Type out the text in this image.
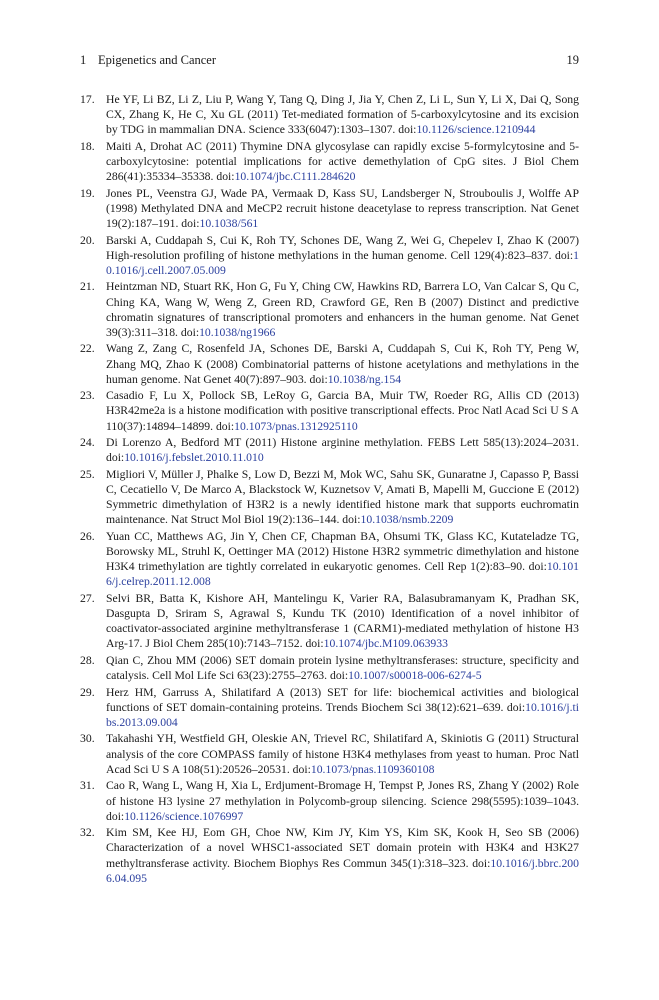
1 Epigenetics and Cancer	19
17. He YF, Li BZ, Li Z, Liu P, Wang Y, Tang Q, Ding J, Jia Y, Chen Z, Li L, Sun Y, Li X, Dai Q, Song CX, Zhang K, He C, Xu GL (2011) Tet-mediated formation of 5-carboxylcytosine and its excision by TDG in mammalian DNA. Science 333(6047):1303–1307. doi:10.1126/science.1210944
18. Maiti A, Drohat AC (2011) Thymine DNA glycosylase can rapidly excise 5-formylcytosine and 5-carboxylcytosine: potential implications for active demethylation of CpG sites. J Biol Chem 286(41):35334–35338. doi:10.1074/jbc.C111.284620
19. Jones PL, Veenstra GJ, Wade PA, Vermaak D, Kass SU, Landsberger N, Strouboulis J, Wolffe AP (1998) Methylated DNA and MeCP2 recruit histone deacetylase to repress transcription. Nat Genet 19(2):187–191. doi:10.1038/561
20. Barski A, Cuddapah S, Cui K, Roh TY, Schones DE, Wang Z, Wei G, Chepelev I, Zhao K (2007) High-resolution profiling of histone methylations in the human genome. Cell 129(4):823–837. doi:10.1016/j.cell.2007.05.009
21. Heintzman ND, Stuart RK, Hon G, Fu Y, Ching CW, Hawkins RD, Barrera LO, Van Calcar S, Qu C, Ching KA, Wang W, Weng Z, Green RD, Crawford GE, Ren B (2007) Distinct and predictive chromatin signatures of transcriptional promoters and enhancers in the human genome. Nat Genet 39(3):311–318. doi:10.1038/ng1966
22. Wang Z, Zang C, Rosenfeld JA, Schones DE, Barski A, Cuddapah S, Cui K, Roh TY, Peng W, Zhang MQ, Zhao K (2008) Combinatorial patterns of histone acetylations and methylations in the human genome. Nat Genet 40(7):897–903. doi:10.1038/ng.154
23. Casadio F, Lu X, Pollock SB, LeRoy G, Garcia BA, Muir TW, Roeder RG, Allis CD (2013) H3R42me2a is a histone modification with positive transcriptional effects. Proc Natl Acad Sci U S A 110(37):14894–14899. doi:10.1073/pnas.1312925110
24. Di Lorenzo A, Bedford MT (2011) Histone arginine methylation. FEBS Lett 585(13):2024–2031. doi:10.1016/j.febslet.2010.11.010
25. Migliori V, Müller J, Phalke S, Low D, Bezzi M, Mok WC, Sahu SK, Gunaratne J, Capasso P, Bassi C, Cecatiello V, De Marco A, Blackstock W, Kuznetsov V, Amati B, Mapelli M, Guccione E (2012) Symmetric dimethylation of H3R2 is a newly identified histone mark that supports euchromatin maintenance. Nat Struct Mol Biol 19(2):136–144. doi:10.1038/nsmb.2209
26. Yuan CC, Matthews AG, Jin Y, Chen CF, Chapman BA, Ohsumi TK, Glass KC, Kutateladze TG, Borowsky ML, Struhl K, Oettinger MA (2012) Histone H3R2 symmetric dimethylation and histone H3K4 trimethylation are tightly correlated in eukaryotic genomes. Cell Rep 1(2):83–90. doi:10.1016/j.celrep.2011.12.008
27. Selvi BR, Batta K, Kishore AH, Mantelingu K, Varier RA, Balasubramanyam K, Pradhan SK, Dasgupta D, Sriram S, Agrawal S, Kundu TK (2010) Identification of a novel inhibitor of coactivator-associated arginine methyltransferase 1 (CARM1)-mediated methylation of histone H3 Arg-17. J Biol Chem 285(10):7143–7152. doi:10.1074/jbc.M109.063933
28. Qian C, Zhou MM (2006) SET domain protein lysine methyltransferases: structure, specificity and catalysis. Cell Mol Life Sci 63(23):2755–2763. doi:10.1007/s00018-006-6274-5
29. Herz HM, Garruss A, Shilatifard A (2013) SET for life: biochemical activities and biological functions of SET domain-containing proteins. Trends Biochem Sci 38(12):621–639. doi:10.1016/j.tibs.2013.09.004
30. Takahashi YH, Westfield GH, Oleskie AN, Trievel RC, Shilatifard A, Skiniotis G (2011) Structural analysis of the core COMPASS family of histone H3K4 methylases from yeast to human. Proc Natl Acad Sci U S A 108(51):20526–20531. doi:10.1073/pnas.1109360108
31. Cao R, Wang L, Wang H, Xia L, Erdjument-Bromage H, Tempst P, Jones RS, Zhang Y (2002) Role of histone H3 lysine 27 methylation in Polycomb-group silencing. Science 298(5595):1039–1043. doi:10.1126/science.1076997
32. Kim SM, Kee HJ, Eom GH, Choe NW, Kim JY, Kim YS, Kim SK, Kook H, Seo SB (2006) Characterization of a novel WHSC1-associated SET domain protein with H3K4 and H3K27 methyltransferase activity. Biochem Biophys Res Commun 345(1):318–323. doi:10.1016/j.bbrc.2006.04.095
